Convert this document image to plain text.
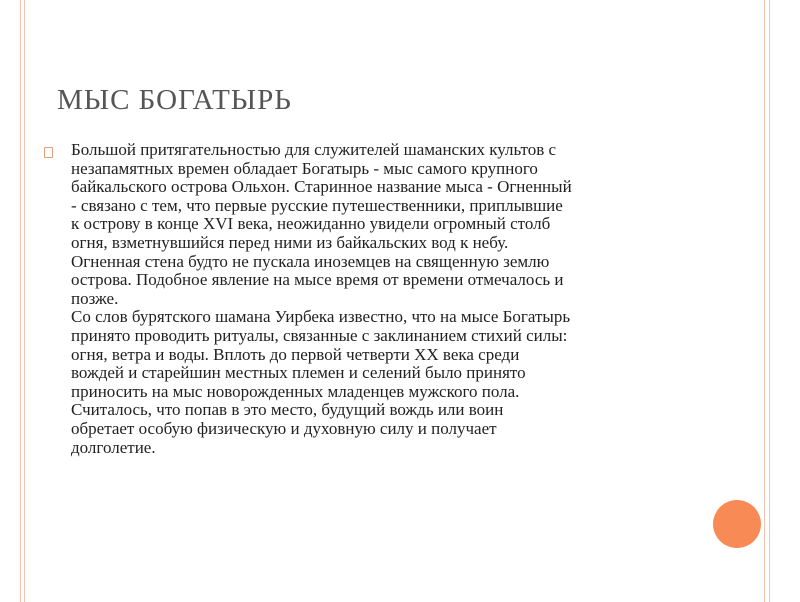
МЫС БОГАТЫРЬ
Большой притягательностью для служителей шаманских культов с
незапамятных времен обладает Богатырь - мыс самого крупного
байкальского острова Ольхон. Старинное название мыса - Огненный
- связано с тем, что первые русские путешественники, приплывшие
к острову в конце XVI века, неожиданно увидели огромный столб
огня, взметнувшийся перед ними из байкальских вод к небу.
Огненная стена будто не пускала иноземцев на священную землю
острова. Подобное явление на мысе время от времени отмечалось и
позже.
Со слов бурятского шамана Уирбека известно, что на мысе Богатырь
принято проводить ритуалы, связанные с заклинанием стихий силы:
огня, ветра и воды. Вплоть до первой четверти XX века среди
вождей и старейшин местных племен и селений было принято
приносить на мыс новорожденных младенцев мужского пола.
Считалось, что попав в это место, будущий вождь или воин
обретает особую физическую и духовную силу и получает
долголетие.
